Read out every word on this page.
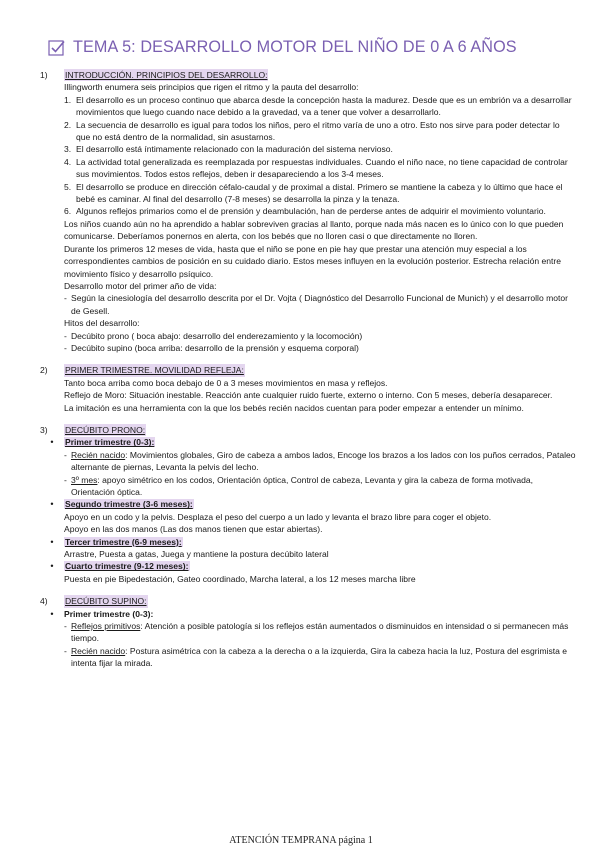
TEMA 5: DESARROLLO MOTOR DEL NIÑO DE 0 A 6 AÑOS
1)	INTRODUCCIÓN. PRINCIPIOS DEL DESARROLLO:

Illingworth enumera seis principios que rigen el ritmo y la pauta del desarrollo:

1. El desarrollo es un proceso continuo que abarca desde la concepción hasta la madurez. Desde que es un embrión va a desarrollar movimientos que luego cuando nace debido a la gravedad, va a tener que volver a desarrollarlo.
2. La secuencia de desarrollo es igual para todos los niños, pero el ritmo varía de uno a otro. Esto nos sirve para poder detectar lo que no está dentro de la normalidad, sin asustarnos.
3. El desarrollo está íntimamente relacionado con la maduración del sistema nervioso.
4. La actividad total generalizada es reemplazada por respuestas individuales. Cuando el niño nace, no tiene capacidad de controlar sus movimientos. Todos estos reflejos, deben ir desapareciendo a los 3-4 meses.
5. El desarrollo se produce en dirección céfalo-caudal y de proximal a distal. Primero se mantiene la cabeza y lo último que hace el bebé es caminar. Al final del desarrollo (7-8 meses) se desarrolla la pinza y la tenaza.
6. Algunos reflejos primarios como el de prensión y deambulación, han de perderse antes de adquirir el movimiento voluntario.

Los niños cuando aún no ha aprendido a hablar sobreviven gracias al llanto, porque nada más nacen es lo único con lo que pueden comunicarse. Deberíamos ponernos en alerta, con los bebés que no lloren casi o que directamente no lloren.

Durante los primeros 12 meses de vida, hasta que el niño se pone en pie hay que prestar una atención muy especial a los correspondientes cambios de posición en su cuidado diario. Estos meses influyen en la evolución posterior. Estrecha relación entre movimiento físico y desarrollo psíquico.

Desarrollo motor del primer año de vida:

- Según la cinesiología del desarrollo descrita por el Dr. Vojta ( Diagnóstico del Desarrollo Funcional de Munich) y el desarrollo motor de Gesell.

Hitos del desarrollo:

- Decúbito prono ( boca abajo: desarrollo del enderezamiento y la locomoción)
- Decúbito supino (boca arriba: desarrollo de la prensión y esquema corporal)
2)	PRIMER TRIMESTRE. MOVILIDAD REFLEJA:

Tanto boca arriba como boca debajo de 0 a 3 meses movimientos en masa y reflejos.

Reflejo de Moro: Situación inestable. Reacción ante cualquier ruido fuerte, externo o interno. Con 5 meses, debería desaparecer.

La imitación es una herramienta con la que los bebés recién nacidos cuentan para poder empezar a entender un mínimo.

3)	DECÚBITO PRONO:
•	Primer trimestre (0-3):
- Recién nacido: Movimientos globales, Giro de cabeza a ambos lados, Encoge los brazos a los lados con los puños cerrados, Pataleo alternante de piernas, Levanta la pelvis del lecho.
- 3º mes: apoyo simétrico en los codos, Orientación óptica, Control de cabeza, Levanta y gira la cabeza de forma motivada, Orientación óptica.
•	Segundo trimestre (3-6 meses):

Apoyo en un codo y la pelvis. Desplaza el peso del cuerpo a un lado y levanta el brazo libre para coger el objeto.

Apoyo en las dos manos (Las dos manos tienen que estar abiertas).

•	Tercer trimestre (6-9 meses):

Arrastre, Puesta a gatas, Juega y mantiene la postura decúbito lateral

•	Cuarto trimestre (9-12 meses):

Puesta en pie Bipedestación, Gateo coordinado, Marcha lateral, a los 12 meses marcha libre

4)	DECÚBITO SUPINO:
•	Primer trimestre (0-3):
- Reflejos primitivos: Atención a posible patología si los reflejos están aumentados o disminuidos en intensidad o si permanecen más tiempo.
- Recién nacido: Postura asimétrica con la cabeza a la derecha o a la izquierda, Gira la cabeza hacia la luz, Postura del esgrimista e intenta fijar la mirada.
ATENCIÓN TEMPRANA página 1
